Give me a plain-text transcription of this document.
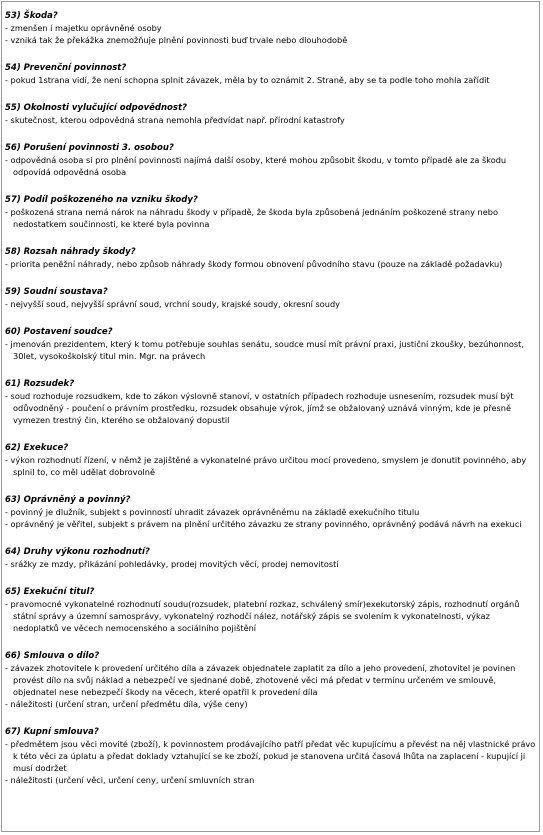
53) Škoda?
- zmenšen í majetku oprávněné osoby
- vzniká tak že překážka znemožňuje plnění povinnosti buď trvale nebo dlouhodobě
54) Prevenční povinnost?
- pokud 1strana vidí, že není schopna splnit závazek, měla by to oznámit 2. Straně, aby se ta podle toho mohla zařídit
55) Okolnosti vylučující odpovědnost?
- skutečnost, kterou odpovědná strana nemohla předvídat např. přírodní katastrofy
56) Porušení povinnosti 3. osobou?
- odpovědná osoba si pro plnění povinnosti najímá další osoby, které mohou způsobit škodu, v tomto případě ale za škodu odpovídá odpovědná osoba
57) Podíl poškozeného na vzniku škody?
- poškozená strana nemá nárok na náhradu škody v případě, že škoda byla způsobená jednáním poškozené strany nebo nedostatkem součinnosti, ke které byla povinna
58) Rozsah náhrady škody?
- priorita peněžní náhrady, nebo způsob náhrady škody formou obnovení původního stavu (pouze na základě požadavku)
59) Soudní soustava?
- nejvyšší soud, nejvyšší správní soud, vrchní soudy, krajské soudy, okresní soudy
60) Postavení soudce?
- jmenován prezidentem, který k tomu potřebuje souhlas senátu, soudce musí mít právní praxi, justiční zkoušky, bezúhonnost, 30let, vysokoškolský titul min. Mgr. na právech
61) Rozsudek?
- soud rozhoduje rozsudkem, kde to zákon výslovně stanoví, v ostatních případech rozhoduje usnesením, rozsudek musí být odůvodněný - poučení o právním prostředku, rozsudek obsahuje výrok, jímž se obžalovaný uznává vinným, kde je přesně vymezen trestný čin, kterého se obžalovaný dopustil
62) Exekuce?
- výkon rozhodnutí řízení, v němž je zajištěné a vykonatelné právo určitou mocí provedeno, smyslem je donutit povinného, aby splnil to, co měl udělat dobrovolně
63) Oprávněný a povinný?
- povinný je dlužník, subjekt s povinností uhradit závazek oprávněnému na základě exekučního titulu
- oprávněný je věřitel, subjekt s právem na plnění určitého závazku ze strany povinného, oprávněný podává návrh na exekuci
64) Druhy výkonu rozhodnutí?
- srážky ze mzdy, přikázání pohledávky, prodej movitých věcí, prodej nemovitostí
65) Exekuční titul?
- pravomocné vykonatelné rozhodnutí soudu(rozsudek, platební rozkaz, schválený smír)exekutorský zápis, rozhodnutí orgánů státní správy a územní samosprávy, vykonatelný rozhodčí nález, notářský zápis se svolením k vykonatelnosti, výkaz nedoplatků ve věcech nemocenského a sociálního pojištění
66) Smlouva o dílo?
- závazek zhotovitele k provedení určitého díla a závazek objednatele zaplatit za dílo a jeho provedení, zhotovitel je povinen provést dílo na svůj náklad a nebezpečí ve sjednané době, zhotovené věci má předat v termínu určeném ve smlouvě, objednatel nese nebezpečí škody na věcech, které opatřil k provedení díla
- náležitosti (určení stran, určení předmětu díla, výše ceny)
67) Kupní smlouva?
- předmětem jsou věci movité (zboží), k povinnostem prodávajícího patří předat věc kupujícímu a převést na něj vlastnické právo k této věci za úplatu a předat doklady vztahující se ke zboží, pokud je stanovena určitá časová lhůta na zaplacení - kupující ji musí dodržet
- náležitosti (určení věci, určení ceny, určení smluvních stran
